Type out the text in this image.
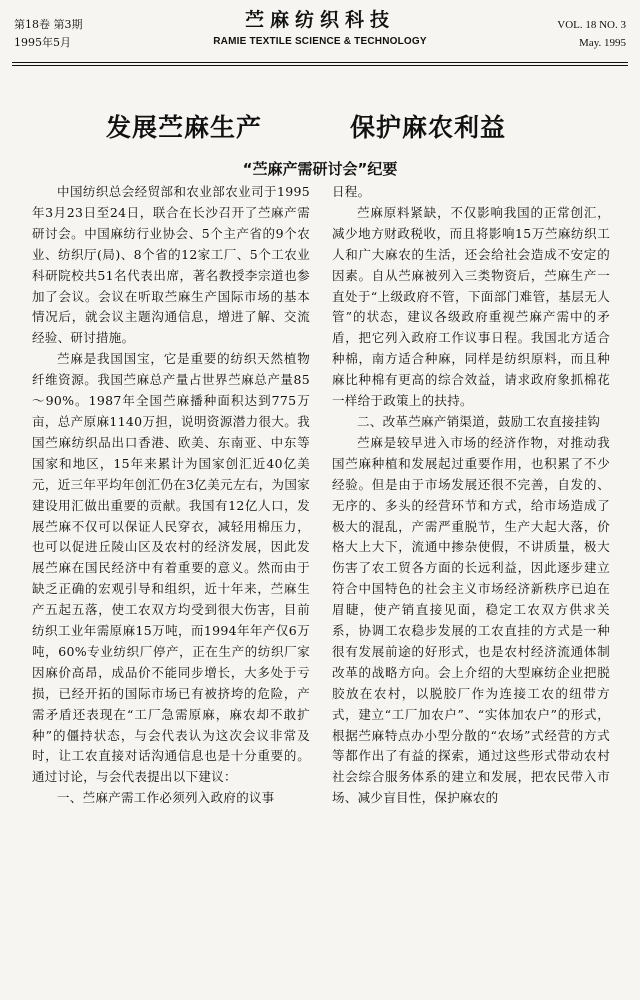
第18卷 第3期
1995年5月
苎麻纺织科技
RAMIE TEXTILE SCIENCE & TECHNOLOGY
VOL. 18 NO. 3
May. 1995
发展苎麻生产	保护麻农利益
“苎麻产需研讨会”纪要

中国纺织总会经贸部和农业部农业司于1995年3月23日至24日，联合在长沙召开了苎麻产需研讨会。中国麻纺行业协会、5个主产省的9个农业、纺织厅(局)、8个省的12家工厂、5个工农业科研院校共51名代表出席，著名教授李宗道也参加了会议。会议在听取苎麻生产国际市场的基本情况后，就会议主题沟通信息，增进了解、交流经验、研讨措施。

苎麻是我国国宝，它是重要的纺织天然植物纤维资源。我国苎麻总产量占世界苎麻总产量85～90%。1987年全国苎麻播种面积达到775万亩，总产原麻1140万担，说明资源潜力很大。我国苎麻纺织品出口香港、欧美、东南亚、中东等国家和地区，15年来累计为国家创汇近40亿美元，近三年平均年创汇仍在3亿美元左右，为国家建设用汇做出重要的贡献。我国有12亿人口，发展苎麻不仅可以保证人民穿衣，减轻用棉压力，也可以促进丘陵山区及农村的经济发展，因此发展苎麻在国民经济中有着重要的意义。然而由于缺乏正确的宏观引导和组织，近十年来，苎麻生产五起五落，使工农双方均受到很大伤害，目前纺织工业年需原麻15万吨，而1994年年产仅6万吨，60%专业纺织厂停产，正在生产的纺织厂家因麻价高昂，成品价不能同步增长，大多处于亏损，已经开拓的国际市场已有被挤垮的危险，产需矛盾还表现在“工厂急需原麻，麻农却不敢扩种”的僵持状态，与会代表认为这次会议非常及时，让工农直接对话沟通信息也是十分重要的。通过讨论，与会代表提出以下建议：

一、苎麻产需工作必须列入政府的议事

日程。

苎麻原料紧缺，不仅影响我国的正常创汇，减少地方财政税收，而且将影响15万苎麻纺织工人和广大麻农的生活，还会给社会造成不安定的因素。自从苎麻被列入三类物资后，苎麻生产一直处于“上级政府不管，下面部门难管，基层无人管”的状态，建议各级政府重视苎麻产需中的矛盾，把它列入政府工作议事日程。我国北方适合种棉，南方适合种麻，同样是纺织原料，而且种麻比种棉有更高的综合效益，请求政府象抓棉花一样给于政策上的扶持。

二、改革苎麻产销渠道，鼓励工农直接挂钩

苎麻是较早进入市场的经济作物，对推动我国苎麻种植和发展起过重要作用，也积累了不少经验。但是由于市场发展还很不完善，自发的、无序的、多头的经营环节和方式，给市场造成了极大的混乱，产需严重脱节，生产大起大落，价格大上大下，流通中掺杂使假，不讲质量，极大伤害了农工贸各方面的长远利益，因此逐步建立符合中国特色的社会主义市场经济新秩序已迫在眉睫，使产销直接见面，稳定工农双方供求关系，协调工农稳步发展的工农直挂的方式是一种很有发展前途的好形式，也是农村经济流通体制改革的战略方向。会上介绍的大型麻纺企业把脱胶放在农村，以脱胶厂作为连接工农的纽带方式，建立“工厂加农户”、“实体加农户”的形式，根据苎麻特点办小型分散的“农场”式经营的方式等都作出了有益的探索，通过这些形式带动农村社会综合服务体系的建立和发展，把农民带入市场、减少盲目性，保护麻农的
